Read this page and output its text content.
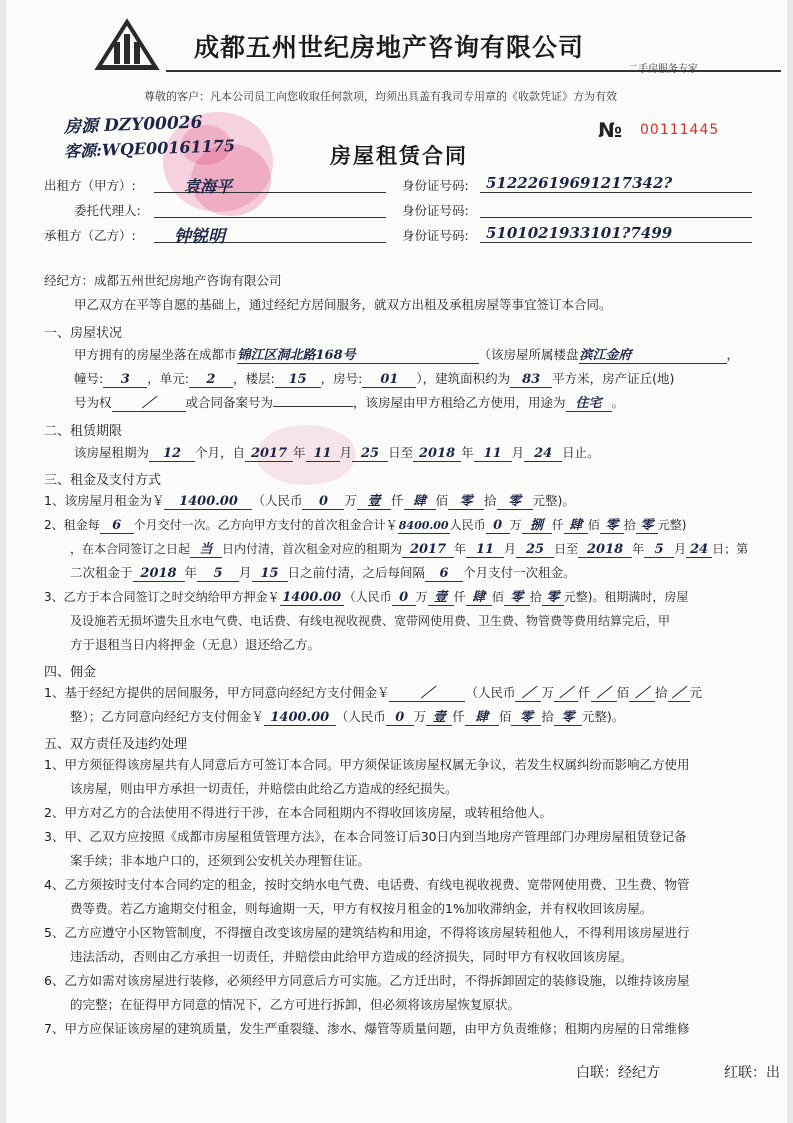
成都五州世纪房地产咨询有限公司
二手房服务专家
尊敬的客户：凡本公司员工向您收取任何款项，均须出具盖有我司专用章的《收款凭证》方为有效
房源 DZY00026
客源:WQE00161175
№ 00111445
房屋租赁合同
出租方（甲方）:	袁海平	身份证号码: 51222619691217342?
委托代理人:	身份证号码:
承租方（乙方）: 钟锐明	身份证号码: 5101021933101?7499
经纪方：成都五州世纪房地产咨询有限公司
甲乙双方在平等自愿的基础上，通过经纪方居间服务，就双方出租及承租房屋等事宜签订本合同。
一、房屋状况
甲方拥有的房屋坐落在成都市锦江区洞北路168号	（该房屋所属楼盘滨江金府	，
幢号: 3 ，单元: 2 ，楼层: 15 ，房号: 01 ），建筑面积约为 83 平方米，房产证丘(地)
号为权 ／ 或合同备案号为	，该房屋由甲方租给乙方使用，用途为 住宅 。
二、租赁期限
该房屋租期为 12 个月，自 2017 年 11 月 25 日至 2018 年 11 月 24 日止。
三、租金及支付方式
1、该房屋月租金为￥ 1400.00 （人民币 0 万 壹 仟 肆 佰 零 拾 零 元整)。
2、租金每 6 个月交付一次。乙方向甲方支付的首次租金合计￥8400.00人民币 0 万 捌 仟 肆 佰 零 拾 零 元整)
，在本合同签订之日起 当 日内付清，首次租金对应的租期为 2017 年 11 月 25 日至 2018 年 5 月 24 日；第
二次租金于 2018 年 5 月 15 日之前付清，之后每间隔 6 个月支付一次租金。
3、乙方于本合同签订之时交纳给甲方押金￥ 1400.00 （人民币 0 万 壹 仟 肆 佰 零 拾 零 元整)。租期满时，房屋
及设施若无损坏遗失且水电气费、电话费、有线电视收视费、宽带网使用费、卫生费、物管费等费用结算完后，甲
方于退租当日内将押金（无息）退还给乙方。
四、佣金
1、基于经纪方提供的居间服务，甲方同意向经纪方支付佣金￥ ／	（人民币 ／ 万 ／ 仟 ／ 佰 ／ 拾 ／ 元
整）；乙方同意向经纪方支付佣金￥ 1400.00 （人民币 0 万 壹 仟 肆 佰 零 拾 零 元整)。
五、双方责任及违约处理
1、甲方须征得该房屋共有人同意后方可签订本合同。甲方须保证该房屋权属无争议，若发生权属纠纷而影响乙方使用
该房屋，则由甲方承担一切责任，并赔偿由此给乙方造成的经纪损失。
2、甲方对乙方的合法使用不得进行干涉，在本合同租期内不得收回该房屋，或转租给他人。
3、甲、乙双方应按照《成都市房屋租赁管理方法》，在本合同签订后30日内到当地房产管理部门办理房屋租赁登记备
案手续；非本地户口的，还须到公安机关办理暂住证。
4、乙方须按时支付本合同约定的租金，按时交纳水电气费、电话费、有线电视收视费、宽带网使用费、卫生费、物管
费等费。若乙方逾期交付租金，则每逾期一天，甲方有权按月租金的1%加收滞纳金，并有权收回该房屋。
5、乙方应遵守小区物管制度，不得擅自改变该房屋的建筑结构和用途，不得将该房屋转租他人，不得利用该房屋进行
违法活动，否则由乙方承担一切责任，并赔偿由此给甲方造成的经济损失，同时甲方有权收回该房屋。
6、乙方如需对该房屋进行装修，必须经甲方同意后方可实施。乙方迁出时，不得拆卸固定的装修设施，以维持该房屋
的完整；在征得甲方同意的情况下，乙方可进行拆卸，但必须将该房屋恢复原状。
7、甲方应保证该房屋的建筑质量，发生严重裂缝、渗水、爆管等质量问题，由甲方负责维修；租期内房屋的日常维修
白联：经纪方	红联：出
